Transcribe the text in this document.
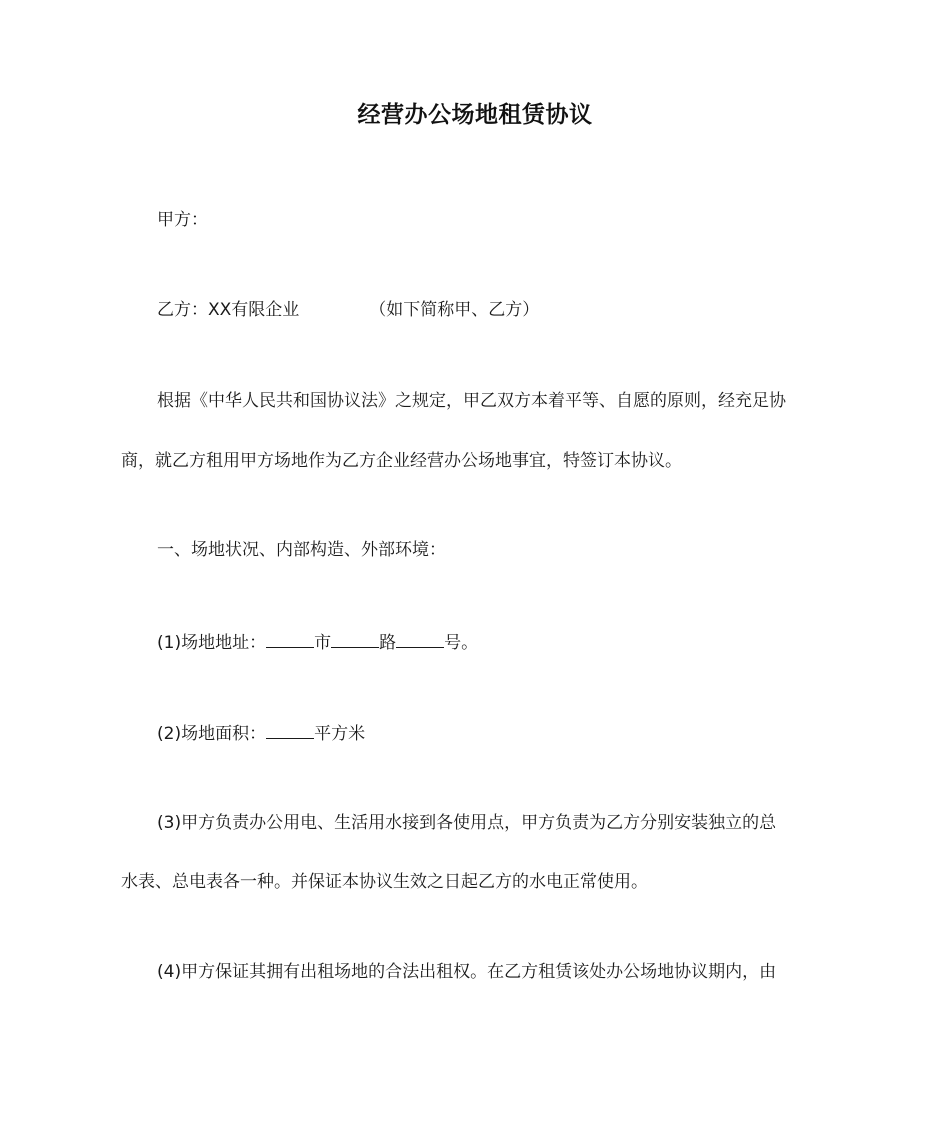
经营办公场地租赁协议
甲方：
乙方：XX有限企业	（如下简称甲、乙方）
根据《中华人民共和国协议法》之规定，甲乙双方本着平等、自愿的原则，经充足协
商，就乙方租用甲方场地作为乙方企业经营办公场地事宜，特签订本协议。
一、场地状况、内部构造、外部环境：
(1)场地地址：	市	路	号。
(2)场地面积：	平方米
(3)甲方负责办公用电、生活用水接到各使用点，甲方负责为乙方分别安装独立的总
水表、总电表各一种。并保证本协议生效之日起乙方的水电正常使用。
(4)甲方保证其拥有出租场地的合法出租权。在乙方租赁该处办公场地协议期内，由
